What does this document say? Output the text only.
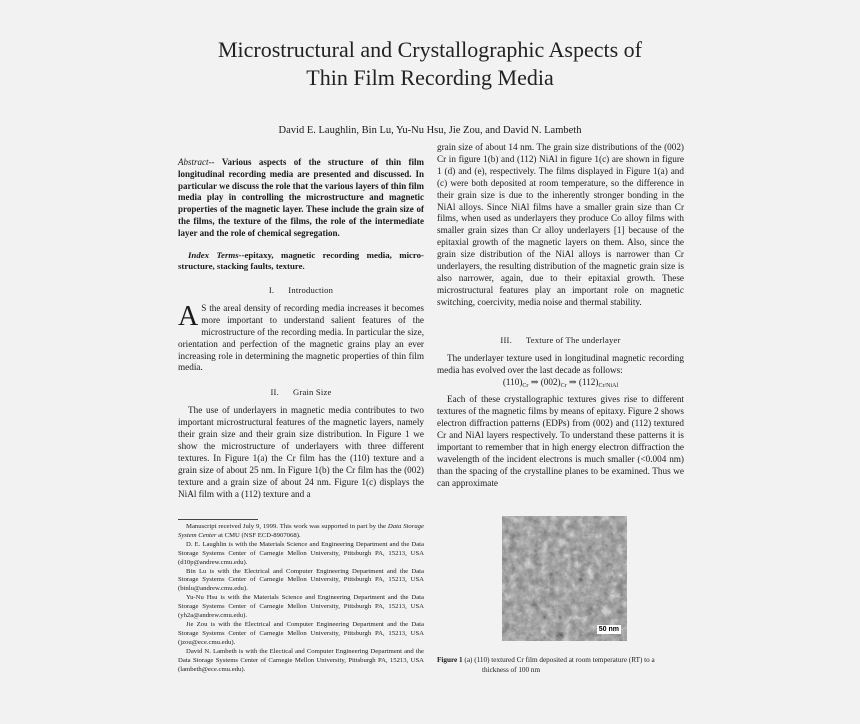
Microstructural and Crystallographic Aspects of
Thin Film Recording Media
David E. Laughlin, Bin Lu, Yu-Nu Hsu, Jie Zou, and David N. Lambeth

Abstract-- Various aspects of the structure of thin film longitudinal recording media are presented and discussed. In particular we discuss the role that the various layers of thin film media play in controlling the microstructure and magnetic properties of the magnetic layer. These include the grain size of the films, the texture of the films, the role of the intermediate layer and the role of chemical segregation.

Index Terms--epitaxy, magnetic recording media, micro-structure, stacking faults, texture.

I. Introduction

A S the areal density of recording media increases it becomes more important to understand salient features of the microstructure of the recording media. In particular the size, orientation and perfection of the magnetic grains play an ever increasing role in determining the magnetic properties of thin film media.

II. Grain Size

The use of underlayers in magnetic media contributes to two important microstructural features of the magnetic layers, namely their grain size and their grain size distribution. In Figure 1 we show the microstructure of underlayers with three different textures. In Figure 1(a) the Cr film has the (110) texture and a grain size of about 25 nm. In Figure 1(b) the Cr film has the (002) texture and a grain size of about 24 nm. Figure 1(c) displays the NiAl film with a (112) texture and a

Manuscript received July 9, 1999. This work was supported in part by the Data Storage System Center at CMU (NSF ECD-8907068).

D. E. Laughlin is with the Materials Science and Engineering Department and the Data Storage Systems Center of Carnegie Mellon University, Pittsburgh PA, 15213, USA (d10p@andrew.cmu.edu).

Bin Lu is with the Electrical and Computer Engineering Department and the Data Storage Systems Center of Carnegie Mellon University, Pittsburgh PA, 15213, USA (binlu@andrew.cmu.edu).

Yu-Nu Hsu is with the Materials Science and Engineering Department and the Data Storage Systems Center of Carnegie Mellon University, Pittsburgh PA, 15213, USA (yh2a@andrew.cmu.edu).

Jie Zou is with the Electrical and Computer Engineering Department and the Data Storage Systems Center of Carnegie Mellon University, Pittsburgh PA, 15213, USA (jzou@ece.cmu.edu).

David N. Lambeth is with the Electical and Computer Engineering Department and the Data Storage Systems Center of Carnegie Mellon University, Pittsburgh PA, 15213, USA (lambeth@ece.cmu.edu).

grain size of about 14 nm. The grain size distributions of the (002) Cr in figure 1(b) and (112) NiAl in figure 1(c) are shown in figure 1 (d) and (e), respectively. The films displayed in Figure 1(a) and (c) were both deposited at room temperature, so the difference in their grain size is due to the inherently stronger bonding in the NiAl alloys. Since NiAl films have a smaller grain size than Cr films, when used as underlayers they produce Co alloy films with smaller grain sizes than Cr alloy underlayers [1] because of the epitaxial growth of the magnetic layers on them. Also, since the grain size distribution of the NiAl alloys is narrower than Cr underlayers, the resulting distribution of the magnetic grain size is also narrower, again, due to their epitaxial growth. These microstructural features play an important role on magnetic switching, coercivity, media noise and thermal stability.

III. Texture of The underlayer

The underlayer texture used in longitudinal magnetic recording media has evolved over the last decade as follows:

$(110)_{Cr}$ ⇒ $(002)_{Cr}$ ⇒ $(112)_{Cr/NiAl}$

Each of these crystallographic textures gives rise to different textures of the magnetic films by means of epitaxy. Figure 2 shows electron diffraction patterns (EDPs) from (002) and (112) textured Cr and NiAl layers respectively. To understand these patterns it is important to remember that in high energy electron diffraction the wavelength of the incident electrons is much smaller (<0.004 nm) than the spacing of the crystalline planes to be examined. Thus we can approximate

50 nm
Figure 1 (a) (110) textured Cr film deposited at room temperature (RT) to a
thickness of 100 nm
